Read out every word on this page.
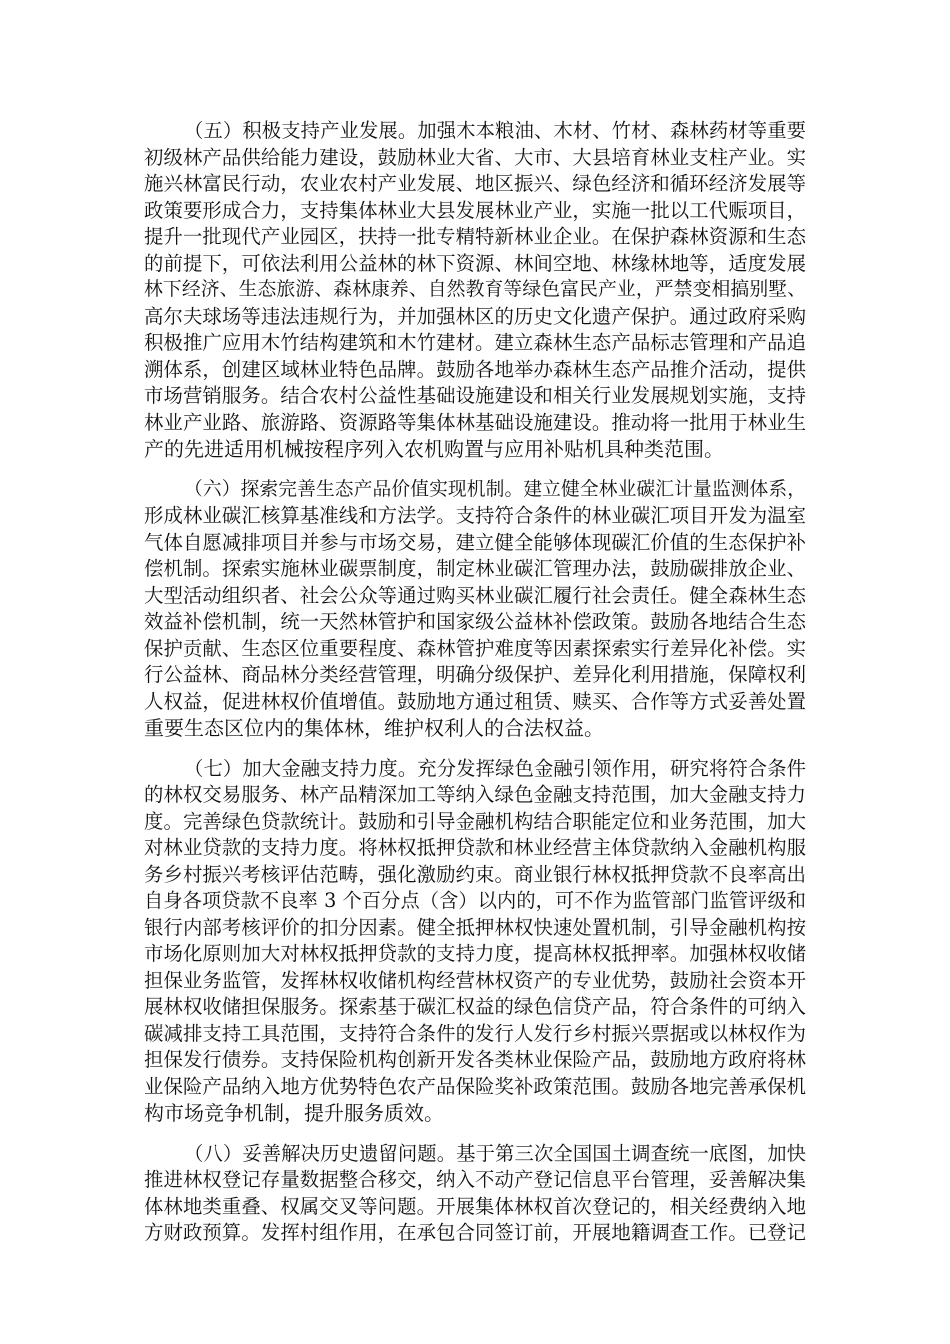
（五）积极支持产业发展。加强木本粮油、木材、竹材、森林药材等重要
初级林产品供给能力建设，鼓励林业大省、大市、大县培育林业支柱产业。实
施兴林富民行动，农业农村产业发展、地区振兴、绿色经济和循环经济发展等
政策要形成合力，支持集体林业大县发展林业产业，实施一批以工代赈项目，
提升一批现代产业园区，扶持一批专精特新林业企业。在保护森林资源和生态
的前提下，可依法利用公益林的林下资源、林间空地、林缘林地等，适度发展
林下经济、生态旅游、森林康养、自然教育等绿色富民产业，严禁变相搞别墅、
高尔夫球场等违法违规行为，并加强林区的历史文化遗产保护。通过政府采购
积极推广应用木竹结构建筑和木竹建材。建立森林生态产品标志管理和产品追
溯体系，创建区域林业特色品牌。鼓励各地举办森林生态产品推介活动，提供
市场营销服务。结合农村公益性基础设施建设和相关行业发展规划实施，支持
林业产业路、旅游路、资源路等集体林基础设施建设。推动将一批用于林业生
产的先进适用机械按程序列入农机购置与应用补贴机具种类范围。
（六）探索完善生态产品价值实现机制。建立健全林业碳汇计量监测体系，
形成林业碳汇核算基准线和方法学。支持符合条件的林业碳汇项目开发为温室
气体自愿减排项目并参与市场交易，建立健全能够体现碳汇价值的生态保护补
偿机制。探索实施林业碳票制度，制定林业碳汇管理办法，鼓励碳排放企业、
大型活动组织者、社会公众等通过购买林业碳汇履行社会责任。健全森林生态
效益补偿机制，统一天然林管护和国家级公益林补偿政策。鼓励各地结合生态
保护贡献、生态区位重要程度、森林管护难度等因素探索实行差异化补偿。实
行公益林、商品林分类经营管理，明确分级保护、差异化利用措施，保障权利
人权益，促进林权价值增值。鼓励地方通过租赁、赎买、合作等方式妥善处置
重要生态区位内的集体林，维护权利人的合法权益。
（七）加大金融支持力度。充分发挥绿色金融引领作用，研究将符合条件
的林权交易服务、林产品精深加工等纳入绿色金融支持范围，加大金融支持力
度。完善绿色贷款统计。鼓励和引导金融机构结合职能定位和业务范围，加大
对林业贷款的支持力度。将林权抵押贷款和林业经营主体贷款纳入金融机构服
务乡村振兴考核评估范畴，强化激励约束。商业银行林权抵押贷款不良率高出
自身各项贷款不良率 3 个百分点（含）以内的，可不作为监管部门监管评级和
银行内部考核评价的扣分因素。健全抵押林权快速处置机制，引导金融机构按
市场化原则加大对林权抵押贷款的支持力度，提高林权抵押率。加强林权收储
担保业务监管，发挥林权收储机构经营林权资产的专业优势，鼓励社会资本开
展林权收储担保服务。探索基于碳汇权益的绿色信贷产品，符合条件的可纳入
碳减排支持工具范围，支持符合条件的发行人发行乡村振兴票据或以林权作为
担保发行债券。支持保险机构创新开发各类林业保险产品，鼓励地方政府将林
业保险产品纳入地方优势特色农产品保险奖补政策范围。鼓励各地完善承保机
构市场竞争机制，提升服务质效。
（八）妥善解决历史遗留问题。基于第三次全国国土调查统一底图，加快
推进林权登记存量数据整合移交，纳入不动产登记信息平台管理，妥善解决集
体林地类重叠、权属交叉等问题。开展集体林权首次登记的，相关经费纳入地
方财政预算。发挥村组作用，在承包合同签订前，开展地籍调查工作。已登记
